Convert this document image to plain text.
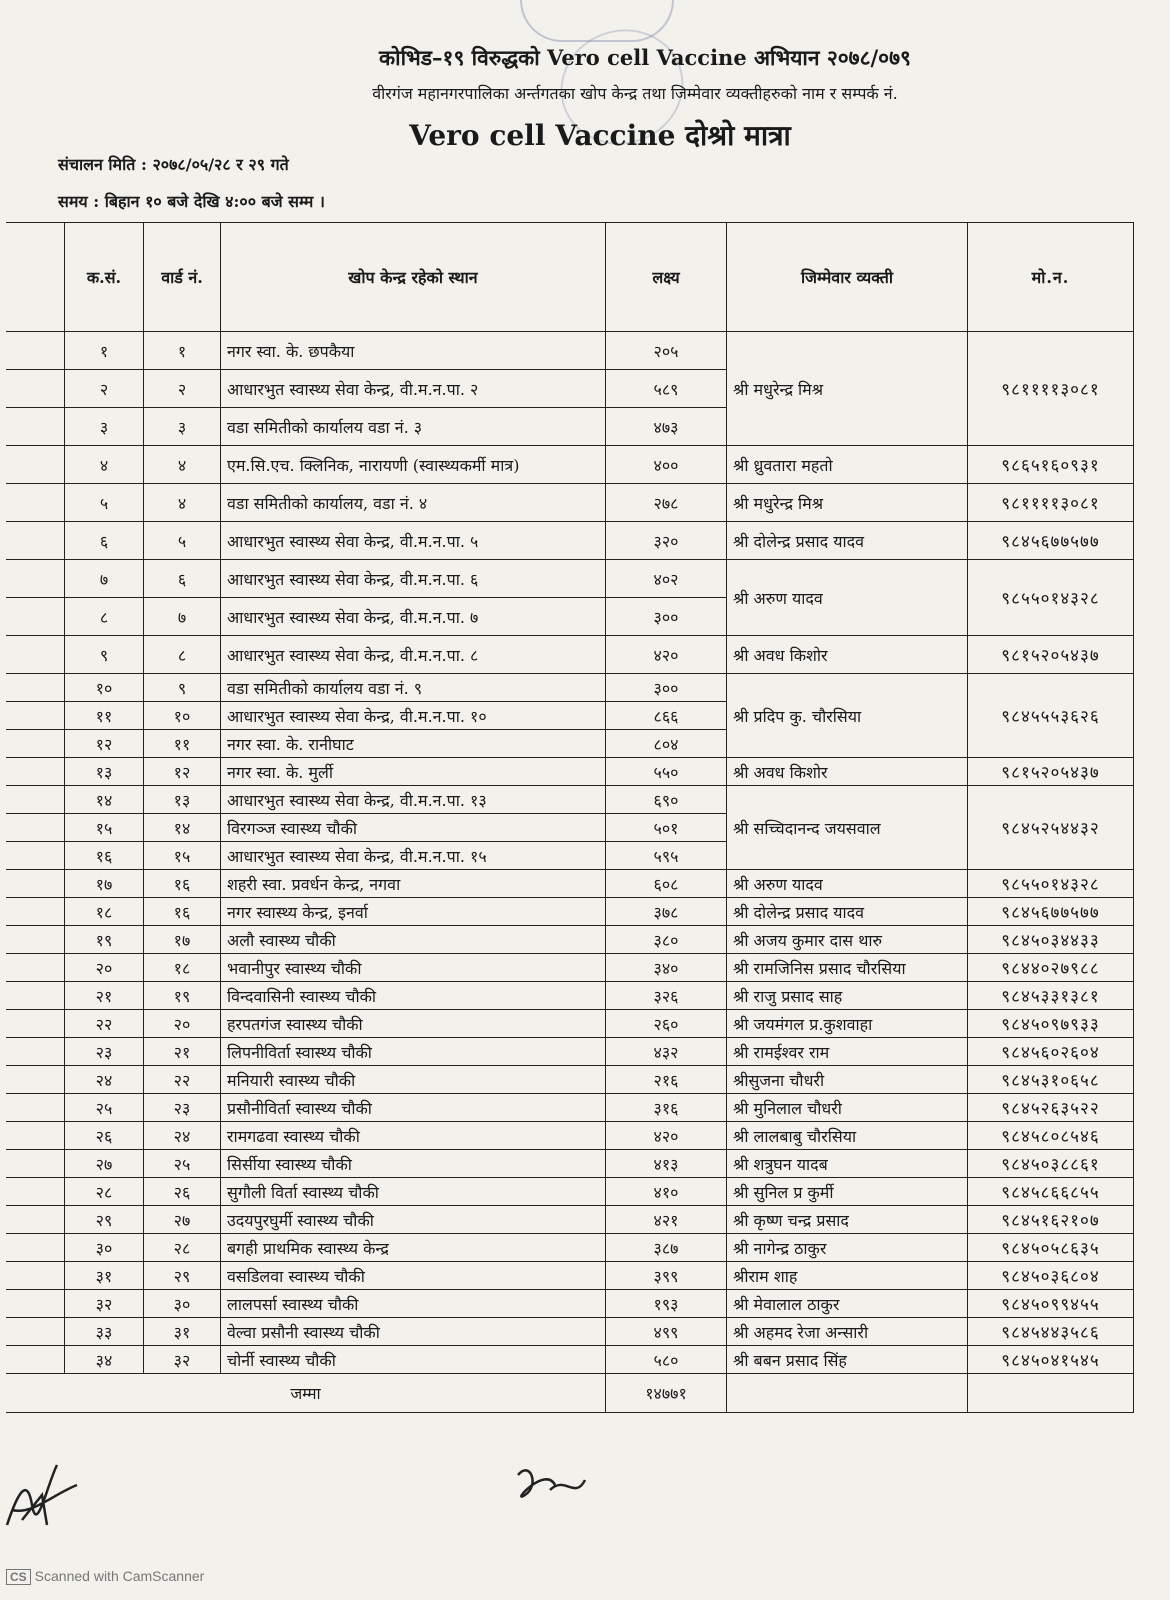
कोभिड–१९ विरुद्धको Vero cell Vaccine अभियान २०७८/०७९
वीरगंज महानगरपालिका अर्न्तगतका खोप केन्द्र तथा जिम्मेवार व्यक्तीहरुको नाम र सम्पर्क नं.
Vero cell Vaccine दोश्रो मात्रा
संचालन मिति : २०७८/०५/२८ र २९ गते
समय : बिहान १० बजे देखि ४:०० बजे सम्म ।
	क.सं.	वार्ड नं.	खोप केन्द्र रहेको स्थान	लक्ष्य	जिम्मेवार व्यक्ती	मो.न.
	१	१	नगर स्वा. के. छपकैया	२०५	श्री मधुरेन्द्र मिश्र	९८११११३०८१
	२	२	आधारभुत स्वास्थ्य सेवा केन्द्र, वी.म.न.पा. २	५८९		
	३	३	वडा समितीको कार्यालय वडा नं. ३	४७३		
	४	४	एम.सि.एच. क्लिनिक, नारायणी (स्वास्थ्यकर्मी मात्र)	४००	श्री ध्रुवतारा महतो	९८६५१६०९३१
	५	४	वडा समितीको कार्यालय, वडा नं. ४	२७८	श्री मधुरेन्द्र मिश्र	९८११११३०८१
	६	५	आधारभुत स्वास्थ्य सेवा केन्द्र, वी.म.न.पा. ५	३२०	श्री दोलेन्द्र प्रसाद यादव	९८४५६७७५७७
	७	६	आधारभुत स्वास्थ्य सेवा केन्द्र, वी.म.न.पा. ६	४०२	श्री अरुण यादव	९८५५०१४३२८
	८	७	आधारभुत स्वास्थ्य सेवा केन्द्र, वी.म.न.पा. ७	३००		
	९	८	आधारभुत स्वास्थ्य सेवा केन्द्र, वी.म.न.पा. ८	४२०	श्री अवध किशोर	९८१५२०५४३७
	१०	९	वडा समितीको कार्यालय वडा नं. ९	३००	श्री प्रदिप कु. चौरसिया	९८४५५५३६२६
	११	१०	आधारभुत स्वास्थ्य सेवा केन्द्र, वी.म.न.पा. १०	८६६		
	१२	११	नगर स्वा. के. रानीघाट	८०४		
	१३	१२	नगर स्वा. के. मुर्ली	५५०	श्री अवध किशोर	९८१५२०५४३७
	१४	१३	आधारभुत स्वास्थ्य सेवा केन्द्र, वी.म.न.पा. १३	६९०	श्री सच्चिदानन्द जयसवाल	९८४५२५४४३२
	१५	१४	विरगञ्ज स्वास्थ्य चौकी	५०१		
	१६	१५	आधारभुत स्वास्थ्य सेवा केन्द्र, वी.म.न.पा. १५	५९५		
	१७	१६	शहरी स्वा. प्रवर्धन केन्द्र, नगवा	६०८	श्री अरुण यादव	९८५५०१४३२८
	१८	१६	नगर स्वास्थ्य केन्द्र, इनर्वा	३७८	श्री दोलेन्द्र प्रसाद यादव	९८४५६७७५७७
	१९	१७	अलौ स्वास्थ्य चौकी	३८०	श्री अजय कुमार दास थारु	९८४५०३४४३३
	२०	१८	भवानीपुर स्वास्थ्य चौकी	३४०	श्री रामजिनिस प्रसाद चौरसिया	९८४४०२७९८८
	२१	१९	विन्दवासिनी स्वास्थ्य चौकी	३२६	श्री राजु प्रसाद साह	९८४५३३१३८१
	२२	२०	हरपतगंज स्वास्थ्य चौकी	२६०	श्री जयमंगल प्र.कुशवाहा	९८४५०९७९३३
	२३	२१	लिपनीविर्ता स्वास्थ्य चौकी	४३२	श्री रामईश्वर राम	९८४५६०२६०४
	२४	२२	मनियारी स्वास्थ्य चौकी	२१६	श्रीसुजना चौधरी	९८४५३१०६५८
	२५	२३	प्रसौनीविर्ता स्वास्थ्य चौकी	३१६	श्री मुनिलाल चौधरी	९८४५२६३५२२
	२६	२४	रामगढवा स्वास्थ्य चौकी	४२०	श्री लालबाबु चौरसिया	९८४५८०८५४६
	२७	२५	सिर्सीया स्वास्थ्य चौकी	४१३	श्री शत्रुघन यादब	९८४५०३८८६१
	२८	२६	सुगौली विर्ता स्वास्थ्य चौकी	४१०	श्री सुनिल प्र कुर्मी	९८४५८६६८५५
	२९	२७	उदयपुरघुर्मी स्वास्थ्य चौकी	४२१	श्री कृष्ण चन्द्र प्रसाद	९८४५१६२१०७
	३०	२८	बगही प्राथमिक स्वास्थ्य केन्द्र	३८७	श्री नागेन्द्र ठाकुर	९८४५०५८६३५
	३१	२९	वसडिलवा स्वास्थ्य चौकी	३९९	श्रीराम शाह	९८४५०३६८०४
	३२	३०	लालपर्सा स्वास्थ्य चौकी	१९३	श्री मेवालाल ठाकुर	९८४५०९९४५५
	३३	३१	वेल्वा प्रसौनी स्वास्थ्य चौकी	४९९	श्री अहमद रेजा अन्सारी	९८४५४४३५८६
	३४	३२	चोर्नी स्वास्थ्य चौकी	५८०	श्री बबन प्रसाद सिंह	९८४५०४१५४५
जम्मा				१४७७१		
CS Scanned with CamScanner
